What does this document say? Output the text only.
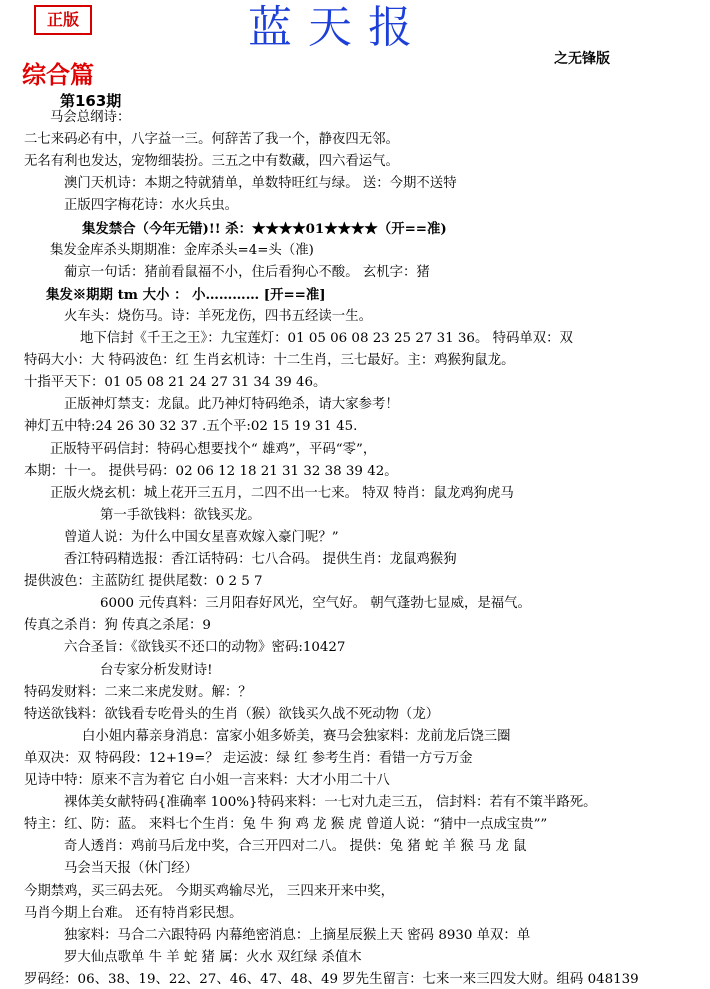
正版	蓝天报
之无锋版
综合篇
第163期
马会总纲诗：
二七来码必有中，八字益一三。何辞苦了我一个，静夜四无邻。
无名有利也发达，宠物细装扮。三五之中有数藏，四六看运气。
澳门天机诗：本期之特就猜单，单数特旺红与绿。 送：今期不送特
正版四字梅花诗：水火兵虫。
集发禁合（今年无错)!! 杀：★★★★01★★★★（开==准)
集发金库杀头期期准：金库杀头=4=头（准)
葡京一句话：猪前看鼠福不小，住后看狗心不酸。 玄机字：猪
集发※期期 tm 大小 ： 小………… [开==准]
火车头：烧伤马。诗：羊死龙伤，四书五经读一生。
地下信封《千王之王》：九宝莲灯：01 05 06 08 23 25 27 31 36。 特码单双：双
特码大小：大 特码波色：红 生肖玄机诗：十二生肖，三七最好。主：鸡猴狗鼠龙。
十指平天下：01 05 08 21 24 27 31 34 39 46。
正版神灯禁支：龙鼠。此乃神灯特码绝杀，请大家参考！
神灯五中特:24 26 30 32 37 .五个平:02 15 19 31 45.
正版特平码信封：特码心想要找个“ 雄鸡”，平码“零”，
本期：十一。 提供号码：02 06 12 18 21 31 32 38 39 42。
正版火烧玄机：城上花开三五月，二四不出一七来。 特双 特肖：鼠龙鸡狗虎马
第一手欲钱料：欲钱买龙。
曾道人说：为什么中国女星喜欢嫁入豪门呢？”
香江特码精选报：香江话特码：七八合码。 提供生肖：龙鼠鸡猴狗
提供波色：主蓝防红 提供尾数：0 2 5 7
6000 元传真料：三月阳春好风光，空气好。 朝气蓬勃七显威，是福气。
传真之杀肖：狗 传真之杀尾：9
六合圣旨：《欲钱买不还口的动物》密码:10427
台专家分析发财诗!
特码发财料：二来二来虎发财。解：？
特送欲钱料：欲钱看专吃骨头的生肖（猴）欲钱买久战不死动物（龙）
白小姐内幕亲身消息：富家小姐多娇美，赛马会独家料：龙前龙后饶三圈
单双决：双 特码段：12+19=？ 走运波：绿 红 参考生肖：看错一方亏万金
见诗中特：原来不言为着它 白小姐一言来料：大才小用二十八
裸体美女献特码{准确率 100%}特码来料：一七对九走三五， 信封料：若有不策半路死。
特主：红、防：蓝。 来料七个生肖：兔 牛 狗 鸡 龙 猴 虎 曾道人说：“猜中一点成宝贵””
奇人透肖：鸡前马后龙中奖，合三开四对二八。 提供：兔 猪 蛇 羊 猴 马 龙 鼠
马会当天报（休门经）
今期禁鸡，买三码去死。 今期买鸡输尽光， 三四来开来中奖，
马肖今期上台难。 还有特肖彩民想。
独家料：马合二六跟特码 内幕绝密消息：上摘星辰猴上天 密码 8930 单双：单
罗大仙点歌单 牛 羊 蛇 猪 属：火水 双红绿 杀值木
罗码经：06、38、19、22、27、46、47、48、49 罗先生留言：七来一来三四发大财。组码 048139
